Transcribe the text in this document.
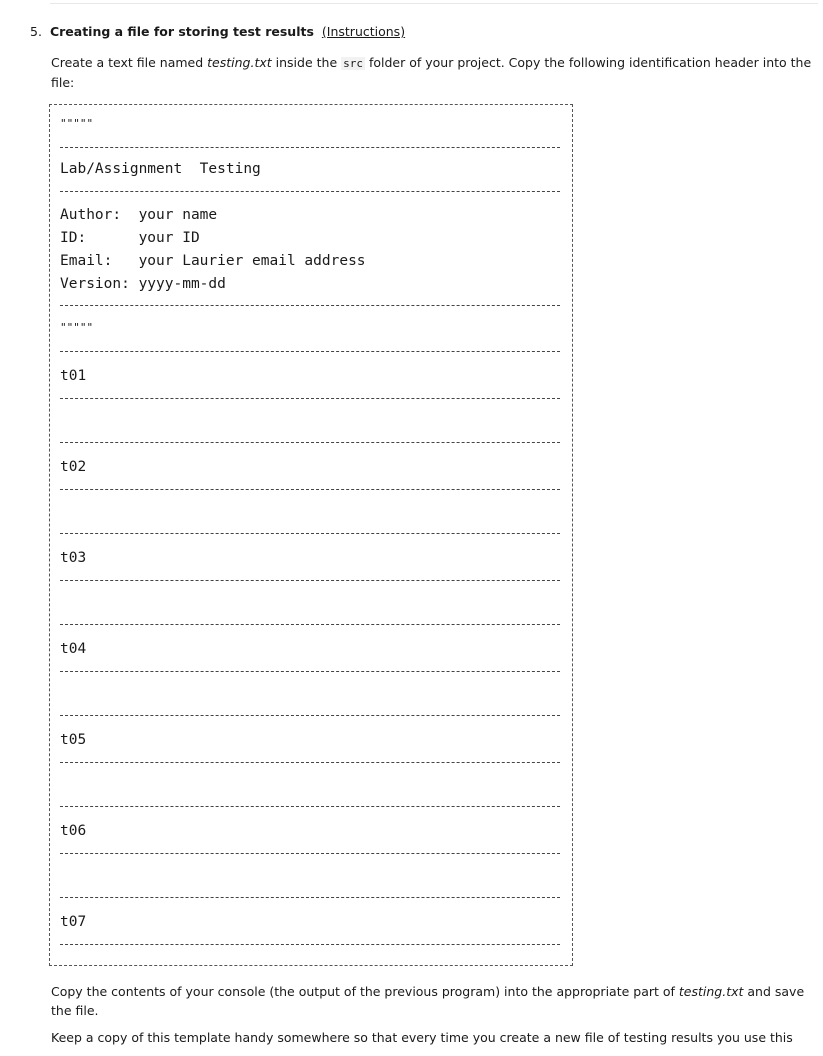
5. Creating a file for storing test results (Instructions)
Create a text file named testing.txt inside the src folder of your project. Copy the following identification header into the file:
"""""
Lab/Assignment  Testing
Author:  your name
ID:      your ID
Email:   your Laurier email address
Version: yyyy-mm-dd
"""""
t01
t02
t03
t04
t05
t06
t07
Copy the contents of your console (the output of the previous program) into the appropriate part of testing.txt and save the file.
Keep a copy of this template handy somewhere so that every time you create a new file of testing results you use this
